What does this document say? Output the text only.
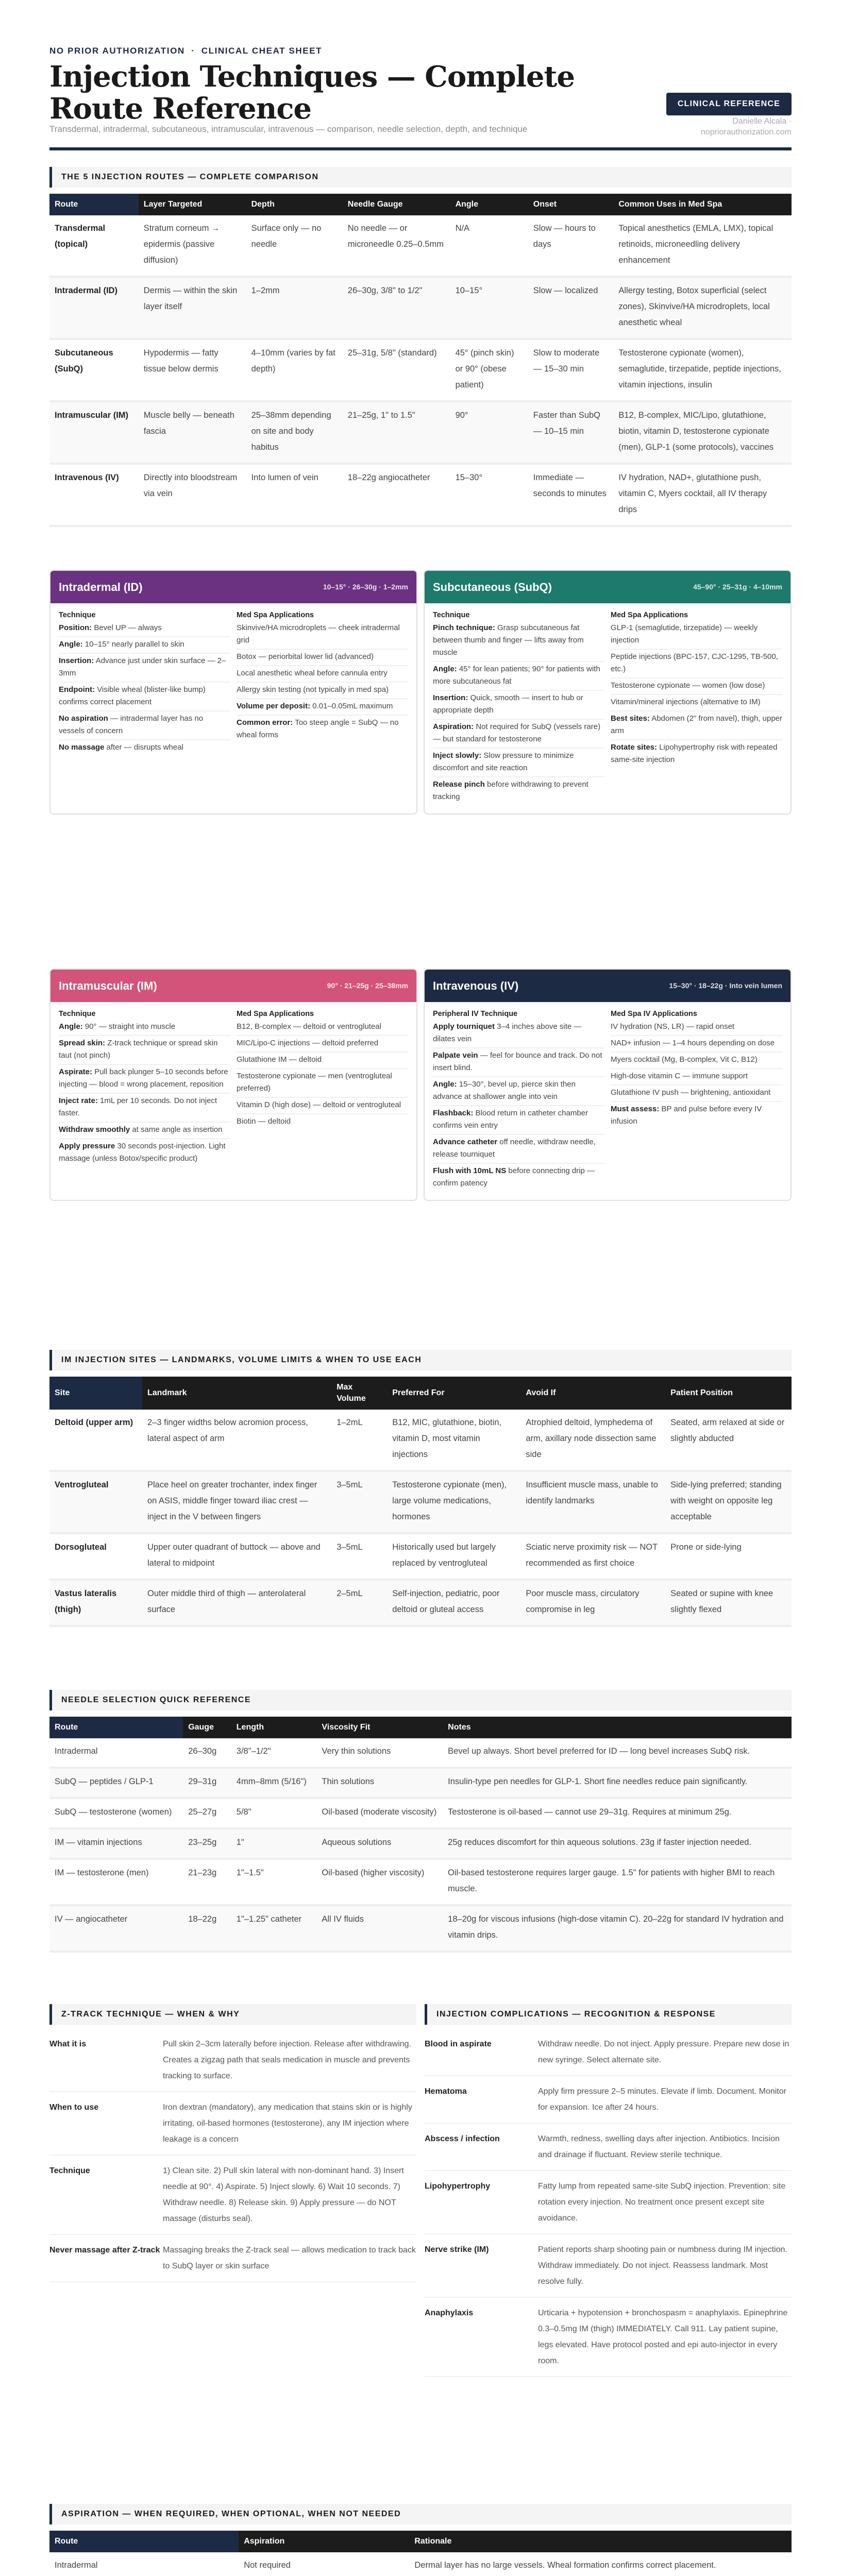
NO PRIOR AUTHORIZATION · CLINICAL CHEAT SHEET
Injection Techniques — Complete Route Reference
Transdermal, intradermal, subcutaneous, intramuscular, intravenous — comparison, needle selection, depth, and technique
CLINICAL REFERENCE
Danielle Alcala ·
nopriorauthorization.com
THE 5 INJECTION ROUTES — COMPLETE COMPARISON
Route	Layer Targeted	Depth	Needle Gauge	Angle	Onset	Common Uses in Med Spa
Transdermal (topical)	Stratum corneum → epidermis (passive diffusion)	Surface only — no needle	No needle — or microneedle 0.25–0.5mm	N/A	Slow — hours to days	Topical anesthetics (EMLA, LMX), topical retinoids, microneedling delivery enhancement
Intradermal (ID)	Dermis — within the skin layer itself	1–2mm	26–30g, 3/8" to 1/2"	10–15°	Slow — localized	Allergy testing, Botox superficial (select zones), Skinvive/HA microdroplets, local anesthetic wheal
Subcutaneous (SubQ)	Hypodermis — fatty tissue below dermis	4–10mm (varies by fat depth)	25–31g, 5/8" (standard)	45° (pinch skin) or 90° (obese patient)	Slow to moderate — 15–30 min	Testosterone cypionate (women), semaglutide, tirzepatide, peptide injections, vitamin injections, insulin
Intramuscular (IM)	Muscle belly — beneath fascia	25–38mm depending on site and body habitus	21–25g, 1" to 1.5"	90°	Faster than SubQ — 10–15 min	B12, B-complex, MIC/Lipo, glutathione, biotin, vitamin D, testosterone cypionate (men), GLP-1 (some protocols), vaccines
Intravenous (IV)	Directly into bloodstream via vein	Into lumen of vein	18–22g angiocatheter	15–30°	Immediate — seconds to minutes	IV hydration, NAD+, glutathione push, vitamin C, Myers cocktail, all IV therapy drips
Intradermal (ID)	10–15° · 26–30g · 1–2mm
Technique

Position: Bevel UP — always

Angle: 10–15° nearly parallel to skin

Insertion: Advance just under skin surface — 2–3mm

Endpoint: Visible wheal (blister-like bump) confirms correct placement

No aspiration — intradermal layer has no vessels of concern

No massage after — disrupts wheal

Med Spa Applications

Skinvive/HA microdroplets — cheek intradermal grid

Botox — periorbital lower lid (advanced)

Local anesthetic wheal before cannula entry

Allergy skin testing (not typically in med spa)

Volume per deposit: 0.01–0.05mL maximum

Common error: Too steep angle = SubQ — no wheal forms

Subcutaneous (SubQ)	45–90° · 25–31g · 4–10mm
Technique

Pinch technique: Grasp subcutaneous fat between thumb and finger — lifts away from muscle

Angle: 45° for lean patients; 90° for patients with more subcutaneous fat

Insertion: Quick, smooth — insert to hub or appropriate depth

Aspiration: Not required for SubQ (vessels rare) — but standard for testosterone

Inject slowly: Slow pressure to minimize discomfort and site reaction

Release pinch before withdrawing to prevent tracking

Med Spa Applications

GLP-1 (semaglutide, tirzepatide) — weekly injection

Peptide injections (BPC-157, CJC-1295, TB-500, etc.)

Testosterone cypionate — women (low dose)

Vitamin/mineral injections (alternative to IM)

Best sites: Abdomen (2" from navel), thigh, upper arm

Rotate sites: Lipohypertrophy risk with repeated same-site injection

Intramuscular (IM)	90° · 21–25g · 25–38mm
Technique

Angle: 90° — straight into muscle

Spread skin: Z-track technique or spread skin taut (not pinch)

Aspirate: Pull back plunger 5–10 seconds before injecting — blood = wrong placement, reposition

Inject rate: 1mL per 10 seconds. Do not inject faster.

Withdraw smoothly at same angle as insertion

Apply pressure 30 seconds post-injection. Light massage (unless Botox/specific product)

Med Spa Applications

B12, B-complex — deltoid or ventrogluteal

MIC/Lipo-C injections — deltoid preferred

Glutathione IM — deltoid

Testosterone cypionate — men (ventrogluteal preferred)

Vitamin D (high dose) — deltoid or ventrogluteal

Biotin — deltoid

Intravenous (IV)	15–30° · 18–22g · Into vein lumen
Peripheral IV Technique

Apply tourniquet 3–4 inches above site — dilates vein

Palpate vein — feel for bounce and track. Do not insert blind.

Angle: 15–30°, bevel up, pierce skin then advance at shallower angle into vein

Flashback: Blood return in catheter chamber confirms vein entry

Advance catheter off needle, withdraw needle, release tourniquet

Flush with 10mL NS before connecting drip — confirm patency

Med Spa IV Applications

IV hydration (NS, LR) — rapid onset

NAD+ infusion — 1–4 hours depending on dose

Myers cocktail (Mg, B-complex, Vit C, B12)

High-dose vitamin C — immune support

Glutathione IV push — brightening, antioxidant

Must assess: BP and pulse before every IV infusion

IM INJECTION SITES — LANDMARKS, VOLUME LIMITS & WHEN TO USE EACH
Site	Landmark	Max Volume	Preferred For	Avoid If	Patient Position
Deltoid (upper arm)	2–3 finger widths below acromion process, lateral aspect of arm	1–2mL	B12, MIC, glutathione, biotin, vitamin D, most vitamin injections	Atrophied deltoid, lymphedema of arm, axillary node dissection same side	Seated, arm relaxed at side or slightly abducted
Ventrogluteal	Place heel on greater trochanter, index finger on ASIS, middle finger toward iliac crest — inject in the V between fingers	3–5mL	Testosterone cypionate (men), large volume medications, hormones	Insufficient muscle mass, unable to identify landmarks	Side-lying preferred; standing with weight on opposite leg acceptable
Dorsogluteal	Upper outer quadrant of buttock — above and lateral to midpoint	3–5mL	Historically used but largely replaced by ventrogluteal	Sciatic nerve proximity risk — NOT recommended as first choice	Prone or side-lying
Vastus lateralis (thigh)	Outer middle third of thigh — anterolateral surface	2–5mL	Self-injection, pediatric, poor deltoid or gluteal access	Poor muscle mass, circulatory compromise in leg	Seated or supine with knee slightly flexed
NEEDLE SELECTION QUICK REFERENCE
Route	Gauge	Length	Viscosity Fit	Notes
Intradermal	26–30g	3/8"–1/2"	Very thin solutions	Bevel up always. Short bevel preferred for ID — long bevel increases SubQ risk.
SubQ — peptides / GLP-1	29–31g	4mm–8mm (5/16")	Thin solutions	Insulin-type pen needles for GLP-1. Short fine needles reduce pain significantly.
SubQ — testosterone (women)	25–27g	5/8"	Oil-based (moderate viscosity)	Testosterone is oil-based — cannot use 29–31g. Requires at minimum 25g.
IM — vitamin injections	23–25g	1"	Aqueous solutions	25g reduces discomfort for thin aqueous solutions. 23g if faster injection needed.
IM — testosterone (men)	21–23g	1"–1.5"	Oil-based (higher viscosity)	Oil-based testosterone requires larger gauge. 1.5" for patients with higher BMI to reach muscle.
IV — angiocatheter	18–22g	1"–1.25" catheter	All IV fluids	18–20g for viscous infusions (high-dose vitamin C). 20–22g for standard IV hydration and vitamin drips.
Z-TRACK TECHNIQUE — WHEN & WHY
What it is	Pull skin 2–3cm laterally before injection. Release after withdrawing. Creates a zigzag path that seals medication in muscle and prevents tracking to surface.
When to use	Iron dextran (mandatory), any medication that stains skin or is highly irritating, oil-based hormones (testosterone), any IM injection where leakage is a concern
Technique	1) Clean site. 2) Pull skin lateral with non-dominant hand. 3) Insert needle at 90°. 4) Aspirate. 5) Inject slowly. 6) Wait 10 seconds. 7) Withdraw needle. 8) Release skin. 9) Apply pressure — do NOT massage (disturbs seal).
Never massage after Z-track Massaging breaks the Z-track seal — allows medication to track back to SubQ layer or skin surface
INJECTION COMPLICATIONS — RECOGNITION & RESPONSE
Blood in aspirate	Withdraw needle. Do not inject. Apply pressure. Prepare new dose in new syringe. Select alternate site.
Hematoma	Apply firm pressure 2–5 minutes. Elevate if limb. Document. Monitor for expansion. Ice after 24 hours.
Abscess / infection	Warmth, redness, swelling days after injection. Antibiotics. Incision and drainage if fluctuant. Review sterile technique.
Lipohypertrophy	Fatty lump from repeated same-site SubQ injection. Prevention: site rotation every injection. No treatment once present except site avoidance.
Nerve strike (IM)	Patient reports sharp shooting pain or numbness during IM injection. Withdraw immediately. Do not inject. Reassess landmark. Most resolve fully.
Anaphylaxis	Urticaria + hypotension + bronchospasm = anaphylaxis. Epinephrine 0.3–0.5mg IM (thigh) IMMEDIATELY. Call 911. Lay patient supine, legs elevated. Have protocol posted and epi auto-injector in every room.
ASPIRATION — WHEN REQUIRED, WHEN OPTIONAL, WHEN NOT NEEDED
Route	Aspiration	Rationale
Intradermal	Not required	Dermal layer has no large vessels. Wheal formation confirms correct placement.
